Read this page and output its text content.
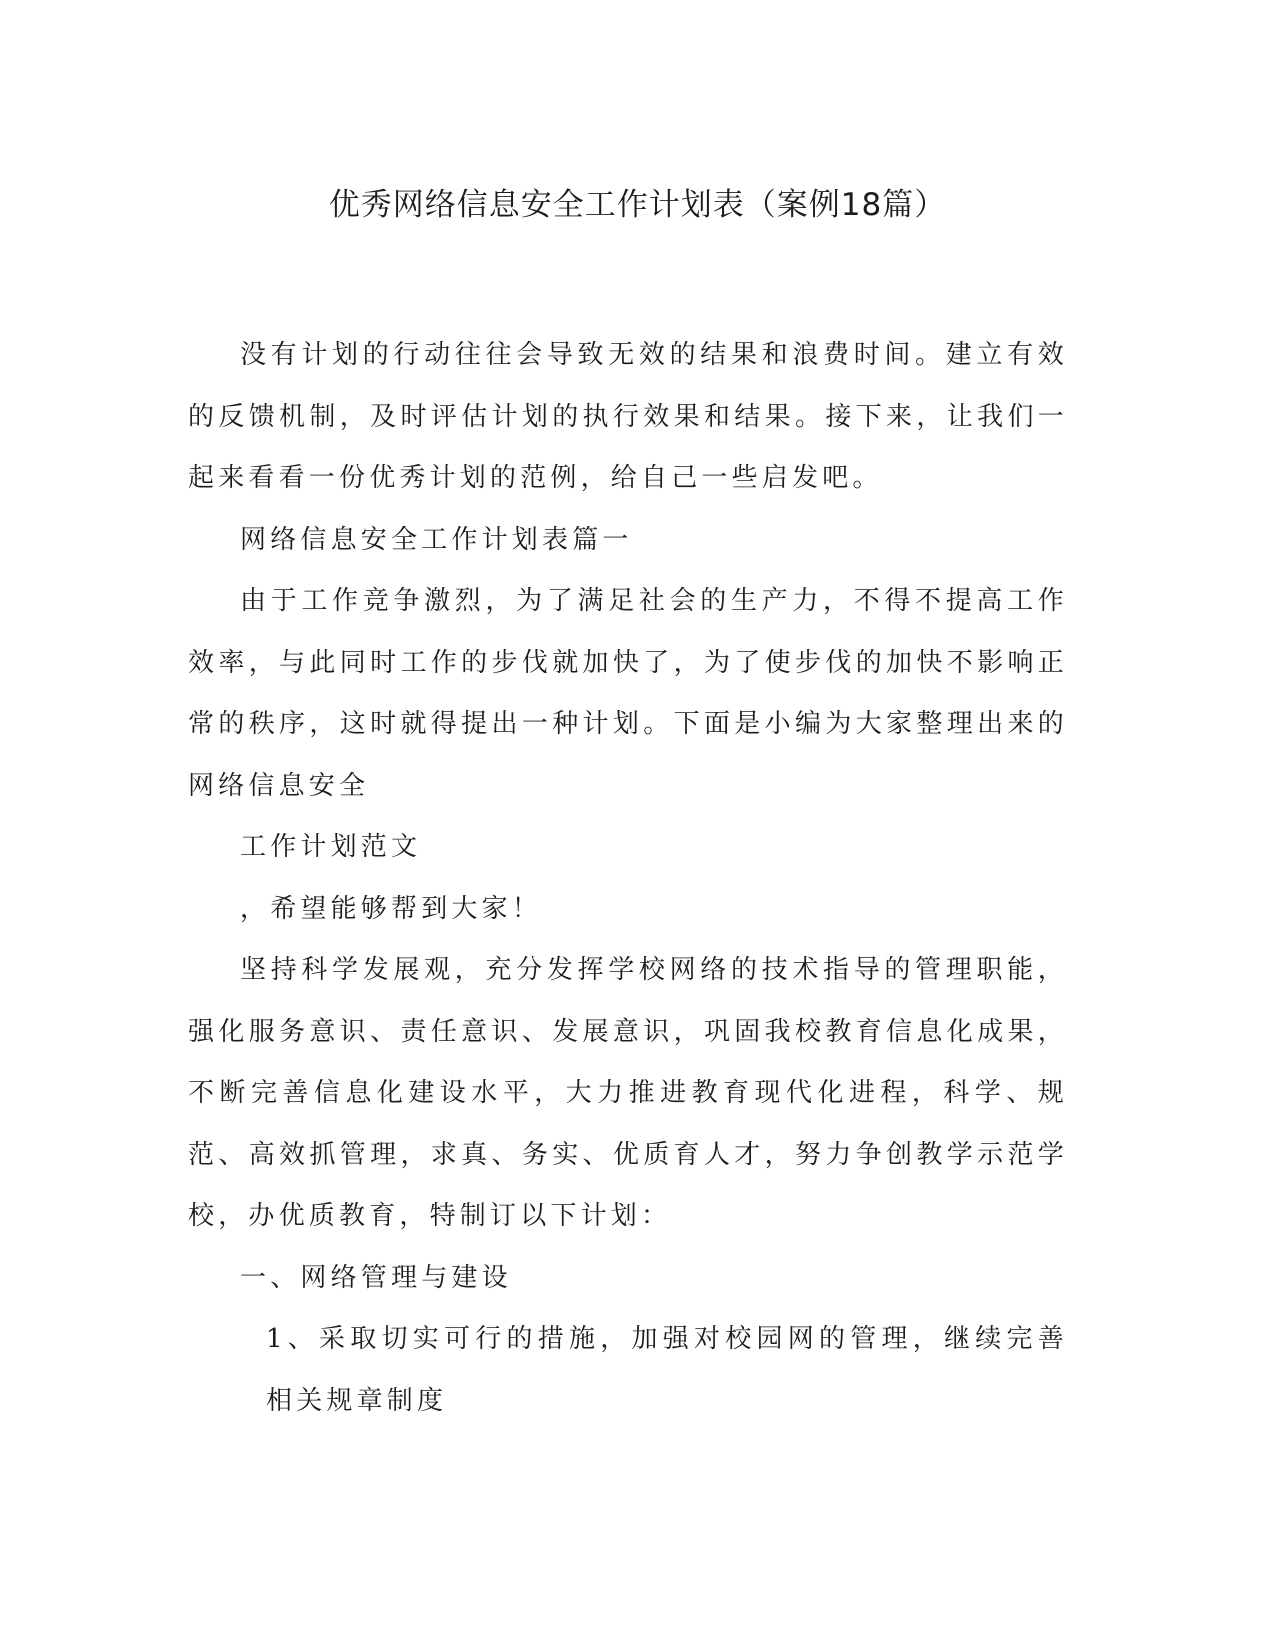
优秀网络信息安全工作计划表（案例18篇）

没有计划的行动往往会导致无效的结果和浪费时间。建立有效的反馈机制，及时评估计划的执行效果和结果。接下来，让我们一起来看看一份优秀计划的范例，给自己一些启发吧。

网络信息安全工作计划表篇一

由于工作竞争激烈，为了满足社会的生产力，不得不提高工作效率，与此同时工作的步伐就加快了，为了使步伐的加快不影响正常的秩序，这时就得提出一种计划。下面是小编为大家整理出来的网络信息安全

工作计划范文

，希望能够帮到大家！

坚持科学发展观，充分发挥学校网络的技术指导的管理职能，强化服务意识、责任意识、发展意识，巩固我校教育信息化成果，不断完善信息化建设水平，大力推进教育现代化进程，科学、规范、高效抓管理，求真、务实、优质育人才，努力争创教学示范学校，办优质教育，特制订以下计划：

一、网络管理与建设

1、采取切实可行的措施，加强对校园网的管理，继续完善相关规章制度
